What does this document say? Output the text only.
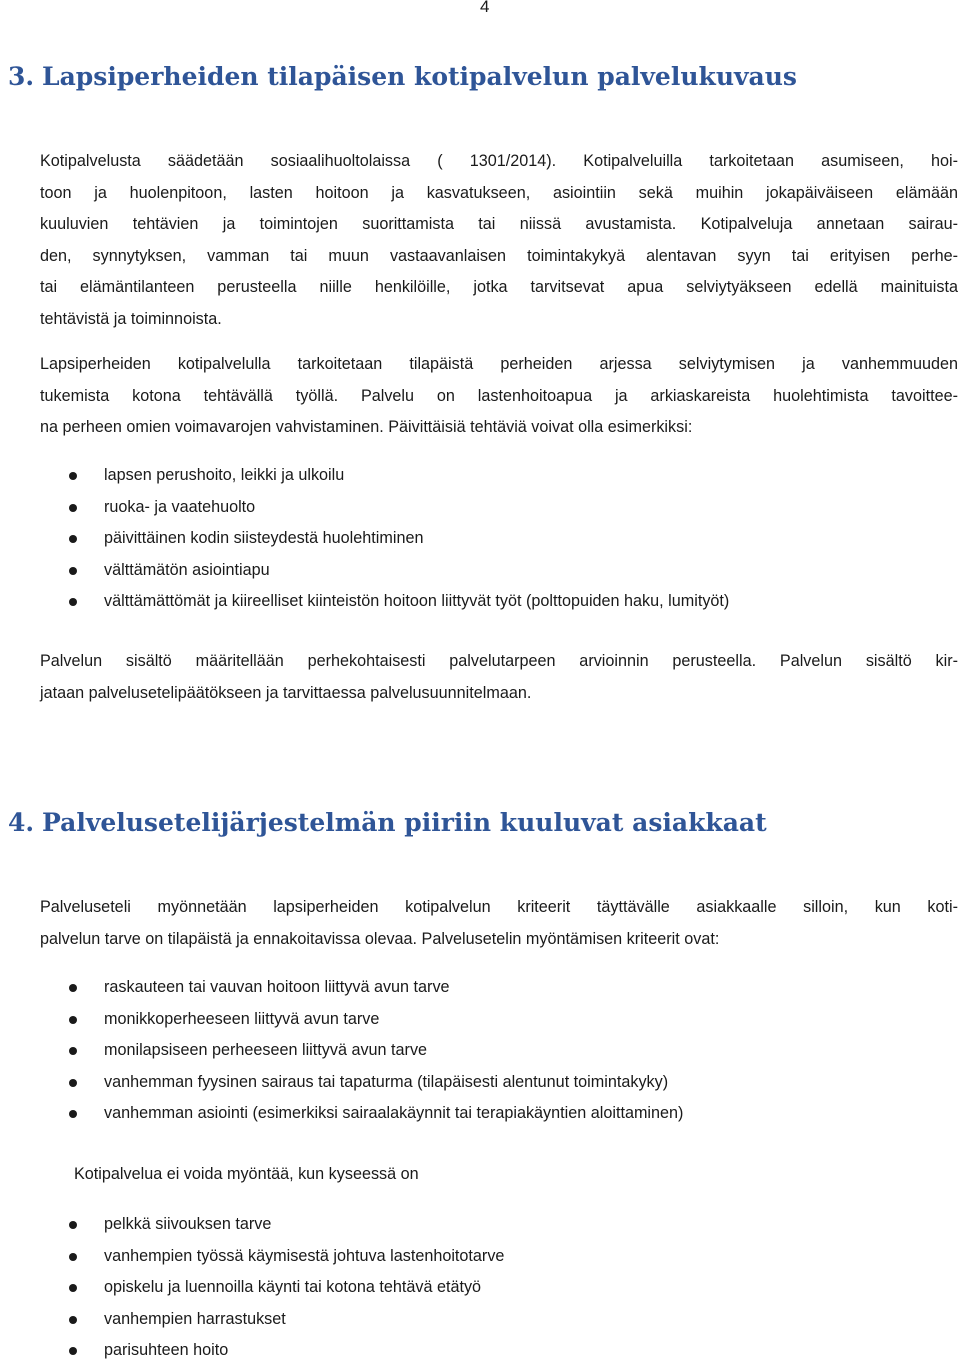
4
3. Lapsiperheiden tilapäisen kotipalvelun palvelukuvaus
Kotipalvelusta säädetään sosiaalihuoltolaissa ( 1301/2014). Kotipalveluilla tarkoitetaan asumiseen, hoi-
toon ja huolenpitoon, lasten hoitoon ja kasvatukseen, asiointiin sekä muihin jokapäiväiseen elämään
kuuluvien tehtävien ja toimintojen suorittamista tai niissä avustamista. Kotipalveluja annetaan sairau-
den, synnytyksen, vamman tai muun vastaavanlaisen toimintakykyä alentavan syyn tai erityisen perhe-
tai elämäntilanteen perusteella niille henkilöille, jotka tarvitsevat apua selviytyäkseen edellä mainituista
tehtävistä ja toiminnoista.
Lapsiperheiden kotipalvelulla tarkoitetaan tilapäistä perheiden arjessa selviytymisen ja vanhemmuuden
tukemista kotona tehtävällä työllä. Palvelu on lastenhoitoapua ja arkiaskareista huolehtimista tavoittee-
na perheen omien voimavarojen vahvistaminen. Päivittäisiä tehtäviä voivat olla esimerkiksi:
lapsen perushoito, leikki ja ulkoilu
ruoka- ja vaatehuolto
päivittäinen kodin siisteydestä huolehtiminen
välttämätön asiointiapu
välttämättömät ja kiireelliset kiinteistön hoitoon liittyvät työt (polttopuiden haku, lumityöt)
Palvelun sisältö määritellään perhekohtaisesti palvelutarpeen arvioinnin perusteella. Palvelun sisältö kir-
jataan palvelusetelipäätökseen ja tarvittaessa palvelusuunnitelmaan.
4. Palvelusetelijärjestelmän piiriin kuuluvat asiakkaat
Palveluseteli myönnetään lapsiperheiden kotipalvelun kriteerit täyttävälle asiakkaalle silloin, kun koti-
palvelun tarve on tilapäistä ja ennakoitavissa olevaa. Palvelusetelin myöntämisen kriteerit ovat:
raskauteen tai vauvan hoitoon liittyvä avun tarve
monikkoperheeseen liittyvä avun tarve
monilapsiseen perheeseen liittyvä avun tarve
vanhemman fyysinen sairaus tai tapaturma (tilapäisesti alentunut toimintakyky)
vanhemman asiointi (esimerkiksi sairaalakäynnit tai terapiakäyntien aloittaminen)

Kotipalvelua ei voida myöntää, kun kyseessä on

pelkkä siivouksen tarve
vanhempien työssä käymisestä johtuva lastenhoitotarve
opiskelu ja luennoilla käynti tai kotona tehtävä etätyö
vanhempien harrastukset
parisuhteen hoito
